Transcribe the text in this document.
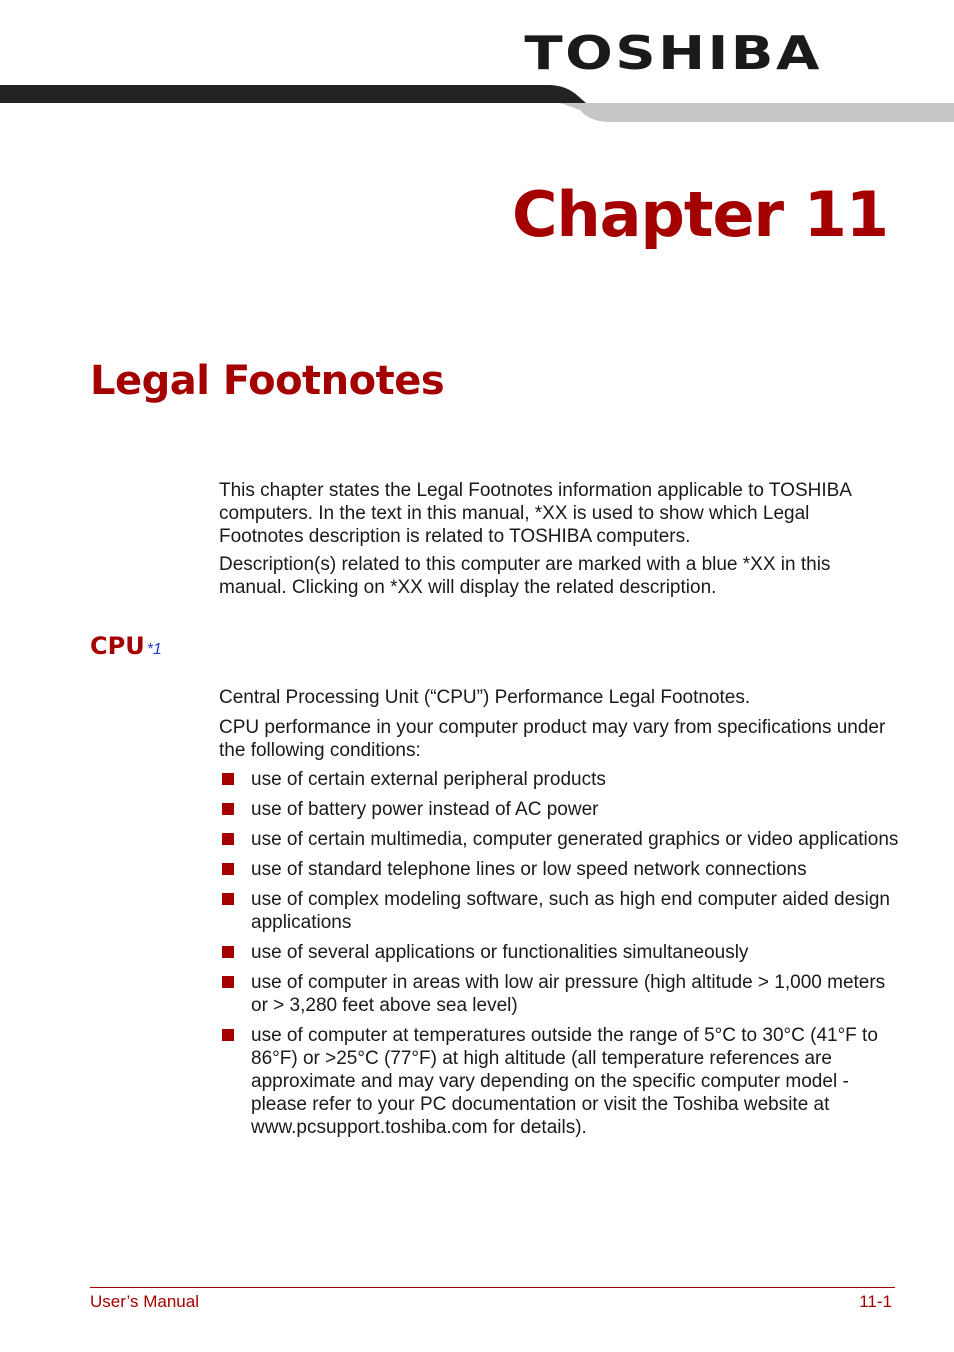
TOSHIBA
Chapter 11
Legal Footnotes

This chapter states the Legal Footnotes information applicable to TOSHIBA computers. In the text in this manual, *XX is used to show which Legal Footnotes description is related to TOSHIBA computers.

Description(s) related to this computer are marked with a blue *XX in this manual. Clicking on *XX will display the related description.

CPU *1

Central Processing Unit (“CPU”) Performance Legal Footnotes.

CPU performance in your computer product may vary from specifications under the following conditions:

use of certain external peripheral products
use of battery power instead of AC power
use of certain multimedia, computer generated graphics or video applications
use of standard telephone lines or low speed network connections
use of complex modeling software, such as high end computer aided design applications
use of several applications or functionalities simultaneously
use of computer in areas with low air pressure (high altitude > 1,000 meters or > 3,280 feet above sea level)
use of computer at temperatures outside the range of 5°C to 30°C (41°F to 86°F) or >25°C (77°F) at high altitude (all temperature references are approximate and may vary depending on the specific computer model - please refer to your PC documentation or visit the Toshiba website at www.pcsupport.toshiba.com for details).
User’s Manual	11-1
